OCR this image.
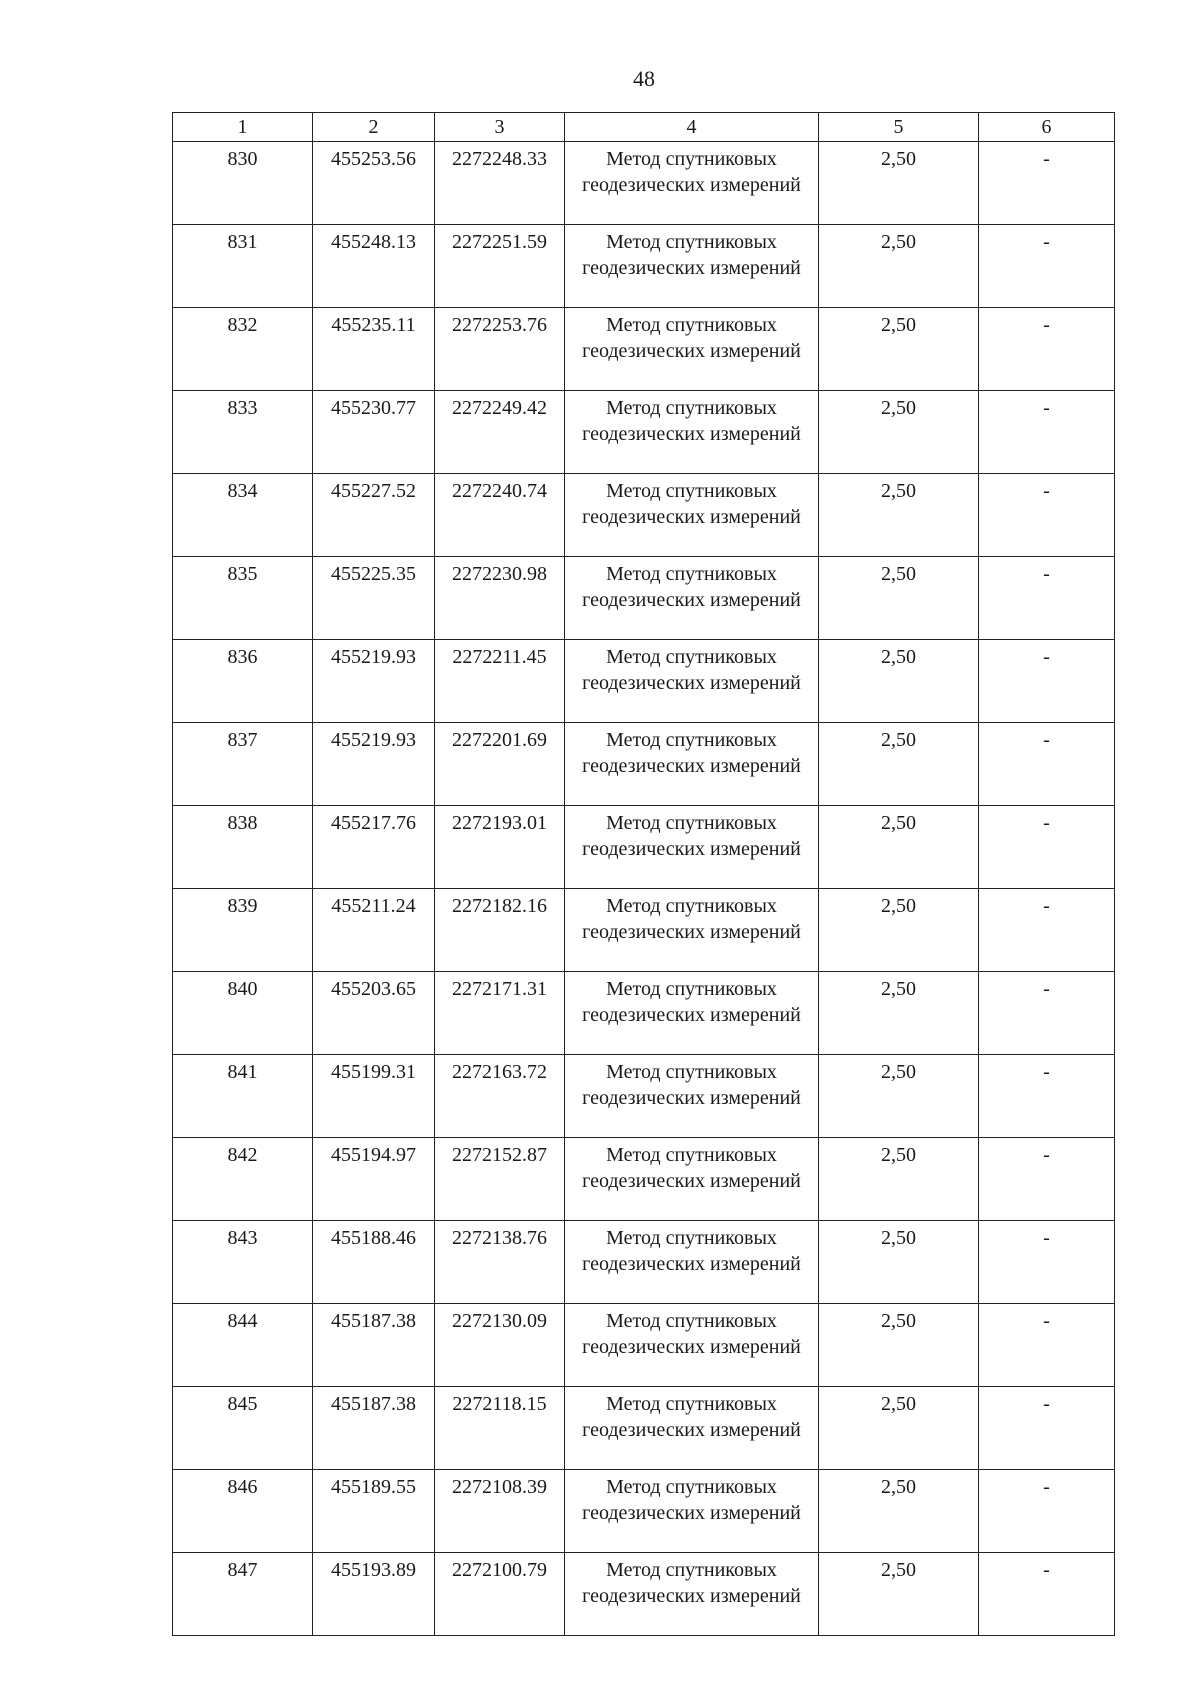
48
1	2	3	4	5	6
830	455253.56	2272248.33	Метод спутниковых геодезических измерений	2,50	-
831	455248.13	2272251.59	Метод спутниковых геодезических измерений	2,50	-
832	455235.11	2272253.76	Метод спутниковых геодезических измерений	2,50	-
833	455230.77	2272249.42	Метод спутниковых геодезических измерений	2,50	-
834	455227.52	2272240.74	Метод спутниковых геодезических измерений	2,50	-
835	455225.35	2272230.98	Метод спутниковых геодезических измерений	2,50	-
836	455219.93	2272211.45	Метод спутниковых геодезических измерений	2,50	-
837	455219.93	2272201.69	Метод спутниковых геодезических измерений	2,50	-
838	455217.76	2272193.01	Метод спутниковых геодезических измерений	2,50	-
839	455211.24	2272182.16	Метод спутниковых геодезических измерений	2,50	-
840	455203.65	2272171.31	Метод спутниковых геодезических измерений	2,50	-
841	455199.31	2272163.72	Метод спутниковых геодезических измерений	2,50	-
842	455194.97	2272152.87	Метод спутниковых геодезических измерений	2,50	-
843	455188.46	2272138.76	Метод спутниковых геодезических измерений	2,50	-
844	455187.38	2272130.09	Метод спутниковых геодезических измерений	2,50	-
845	455187.38	2272118.15	Метод спутниковых геодезических измерений	2,50	-
846	455189.55	2272108.39	Метод спутниковых геодезических измерений	2,50	-
847	455193.89	2272100.79	Метод спутниковых геодезических измерений	2,50	-
